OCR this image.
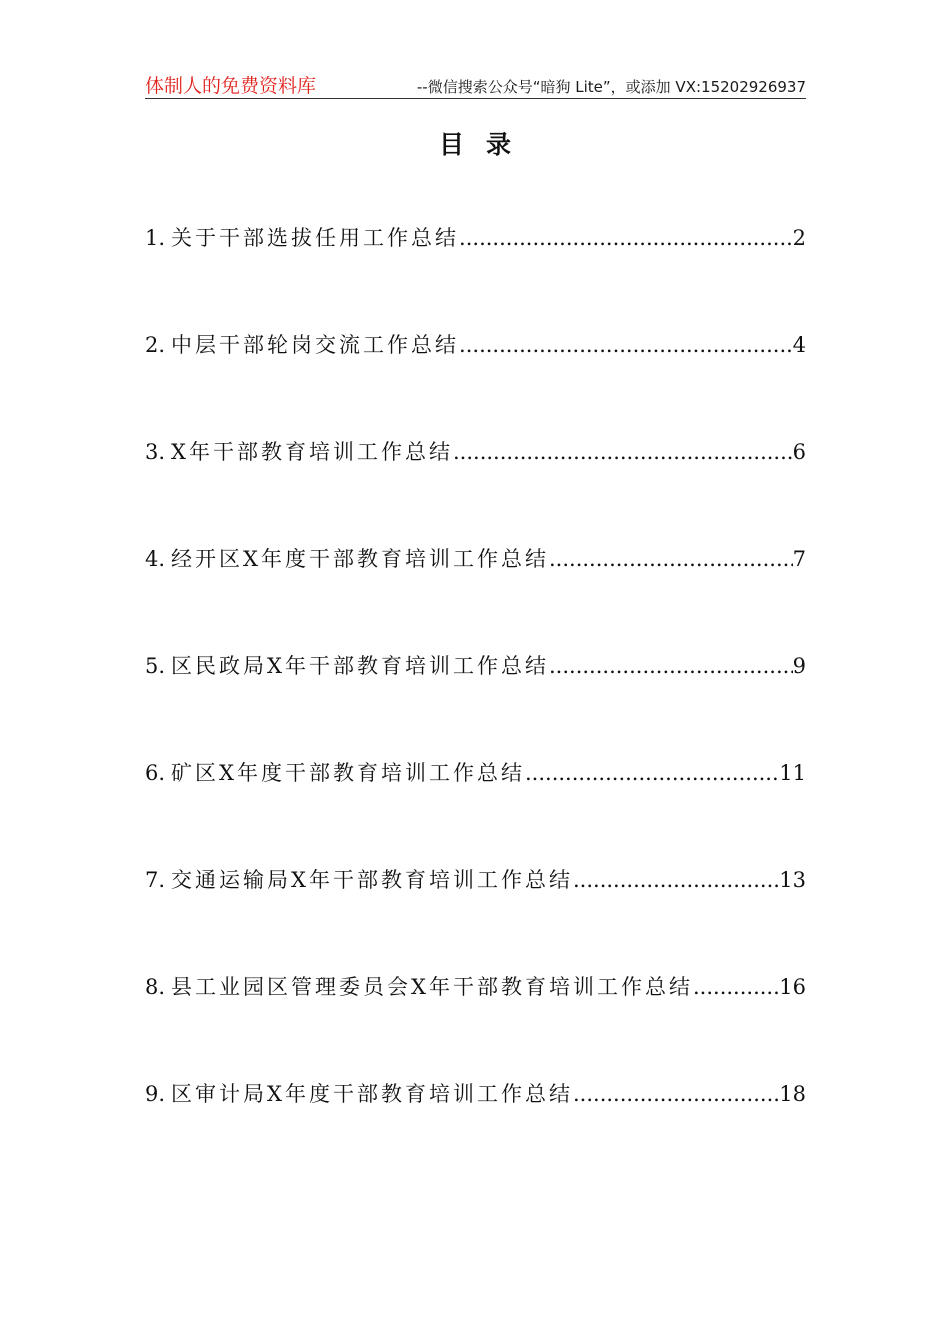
体制人的免费资料库	--微信搜索公众号“暗狗 Lite”，或添加 VX:15202926937
目录
1. 关于干部选拔任用工作总结 .....	2
2. 中层干部轮岗交流工作总结 .....	4
3. X年干部教育培训工作总结 .....	6
4. 经开区X年度干部教育培训工作总结 .....	7
5. 区民政局X年干部教育培训工作总结 .....	9
6. 矿区X年度干部教育培训工作总结 .....	11
7. 交通运输局X年干部教育培训工作总结 .....	13
8. 县工业园区管理委员会X年干部教育培训工作总结 .....	16
9. 区审计局X年度干部教育培训工作总结 .....	18
